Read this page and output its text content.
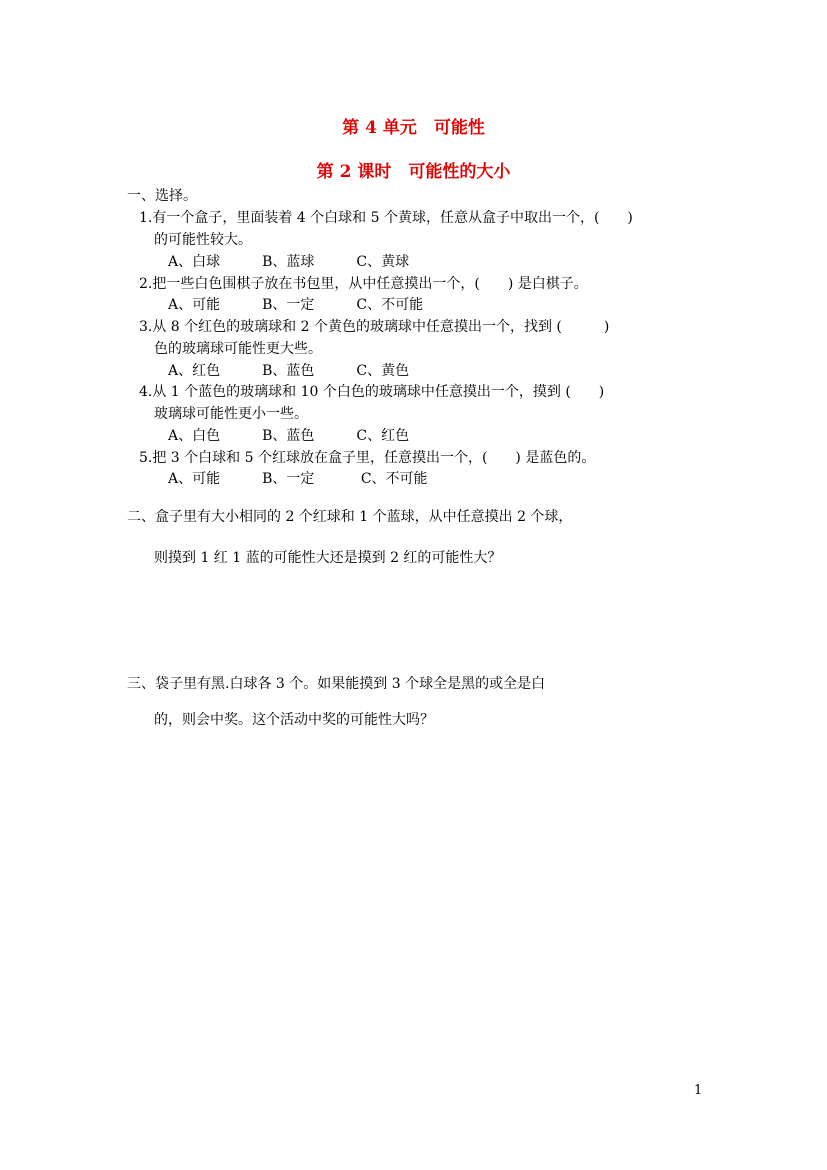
第 4 单元　可能性
第 2 课时　可能性的大小
一、选择。
1.有一个盒子，里面装着 4 个白球和 5 个黄球，任意从盒子中取出一个，(　　)
的可能性较大。
A、白球　　　B、蓝球　　　C、黄球
2.把一些白色围棋子放在书包里，从中任意摸出一个，(　　) 是白棋子。
A、可能　　　B、一定　　　C、不可能
3.从 8 个红色的玻璃球和 2 个黄色的玻璃球中任意摸出一个，找到 (　　　)
色的玻璃球可能性更大些。
A、红色　　　B、蓝色　　　C、黄色
4.从 1 个蓝色的玻璃球和 10 个白色的玻璃球中任意摸出一个，摸到 (　　)
玻璃球可能性更小一些。
A、白色　　　B、蓝色　　　C、红色
5.把 3 个白球和 5 个红球放在盒子里，任意摸出一个，(　　) 是蓝色的。
A、可能　　　B、一定　　　 C、不可能
二、盒子里有大小相同的 2 个红球和 1 个蓝球，从中任意摸出 2 个球，
则摸到 1 红 1 蓝的可能性大还是摸到 2 红的可能性大？
三、袋子里有黑.白球各 3 个。如果能摸到 3 个球全是黑的或全是白
的，则会中奖。这个活动中奖的可能性大吗？
1
